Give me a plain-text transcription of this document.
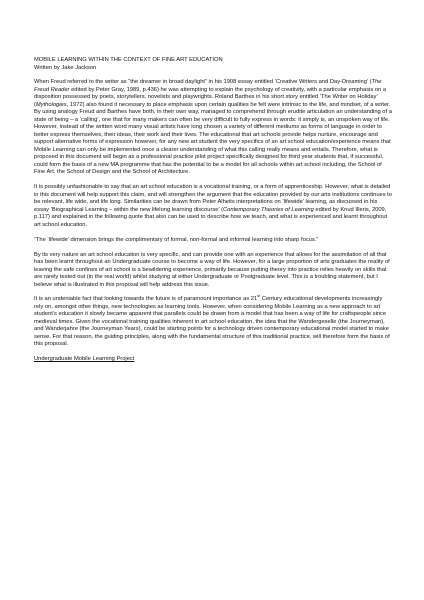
MOBILE LEARNING WITHIN THE CONTEXT OF FINE ART EDUCATION

Written by Jake Jackson

When Freud referred to the writer as “the dreamer in broad daylight” in his 1908 essay entitled ‘Creative Writers and Day-Dreaming’ (The Freud Reader edited by Peter Gray, 1989, p.436) he was attempting to explain the psychology of creativity, with a particular emphasis on a disposition possessed by poets, storytellers, novelists and playwrights. Roland Barthes in his short story entitled ‘The Writer on Holiday’ (Mythologies, 1972) also found it necessary to place emphasis upon certain qualities he felt were intrinsic to the life, and mindset, of a writer. By using analogy Freud and Barthes have both, in their own way, managed to comprehend through erudite articulation an understanding of a state of being – a ‘calling’, one that for many makers can often be very difficult to fully express in words: it simply is, an unspoken way of life. However, instead of the written word many visual artists have long chosen a variety of different mediums as forms of language in order to better express themselves, their ideas, their work and their lives. The educational that art schools provide helps nurture, encourage and support alternative forms of expression however, for any new art student the very specifics of an art school education/experience means that Mobile Learning can only be implemented once a clearer understanding of what this calling really means and entails. Therefore, what is proposed in this document will begin as a professional practice pilot project specifically designed for third year students that, if successful, could form the basis of a new MA programme that has the potential to be a model for all schools within art school including, the School of Fine Art, the School of Design and the School of Architecture.

It is possibly unfashionable to say that an art school education is a vocational training, or a form of apprenticeship. However, what is detailed in this document will help support this claim, and will strengthen the argument that the education provided by our arts institutions continues to be relevant, life wide, and life long. Similarities can be drawn from Peter Alheits interpretations on ‘lifewide’ learning, as discussed in his essay ‘Biographical Learning – within the new lifelong learning discourse’ (Contemporary Theories of Learning edited by Knud Illeris, 2009, p.117) and explained in the following quote that also can be used to describe how we teach, and what is experienced and learnt throughout art school education.

“The ‘lifewide’ dimension brings the complimentary of formal, non-formal and informal learning into sharp focus.”

By its very nature an art school education is very specific, and can provide one with an experience that allows for the assimilation of all that has been learnt throughout an Undergraduate course to become a way of life. However, for a large proportion of arts graduates the reality of leaving the safe confines of art school is a bewildering experience, primarily because putting theory into practice relies heavily on skills that are rarely tested out (in the real world) whilst studying at either Undergraduate or Postgraduate level. This is a troubling statement, but I believe what is illustrated in this proposal will help address this issue.

It is an undeniable fact that looking towards the future is of paramount importance as 21st Century educational developments increasingly rely on, amongst other things, new technologies as learning tools. However, when considering Mobile Learning as a new approach to art student’s education it slowly became apparent that parallels could be drawn from a model that has been a way of life for craftspeople since medieval times. Given the vocational training qualities inherent in art school education, the idea that the Wandergeselle (the Journeyman), and Wanderjahre (the Journeyman Years), could be starting points for a technology driven contemporary educational model started to make sense. For that reason, the guiding principles, along with the fundamental structure of this traditional practice, will therefore form the basis of this proposal.

Undergraduate Mobile Learning Project
